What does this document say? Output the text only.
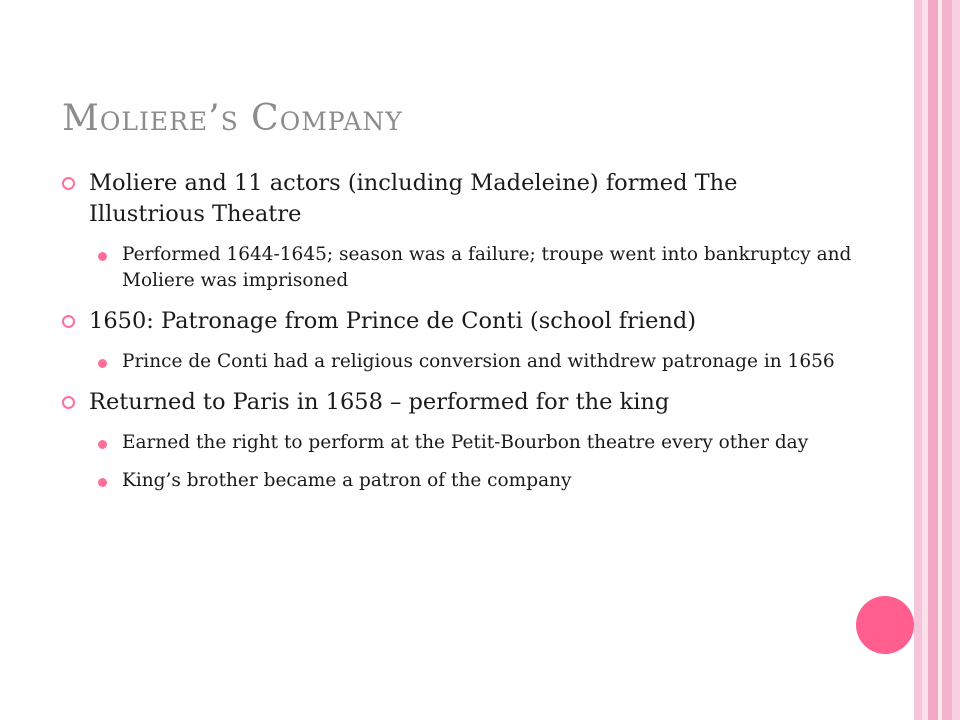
Moliere’s Company
Moliere and 11 actors (including Madeleine) formed The Illustrious Theatre
Performed 1644-1645; season was a failure; troupe went into bankruptcy and Moliere was imprisoned
1650: Patronage from Prince de Conti (school friend)
Prince de Conti had a religious conversion and withdrew patronage in 1656
Returned to Paris in 1658 – performed for the king
Earned the right to perform at the Petit-Bourbon theatre every other day
King’s brother became a patron of the company
